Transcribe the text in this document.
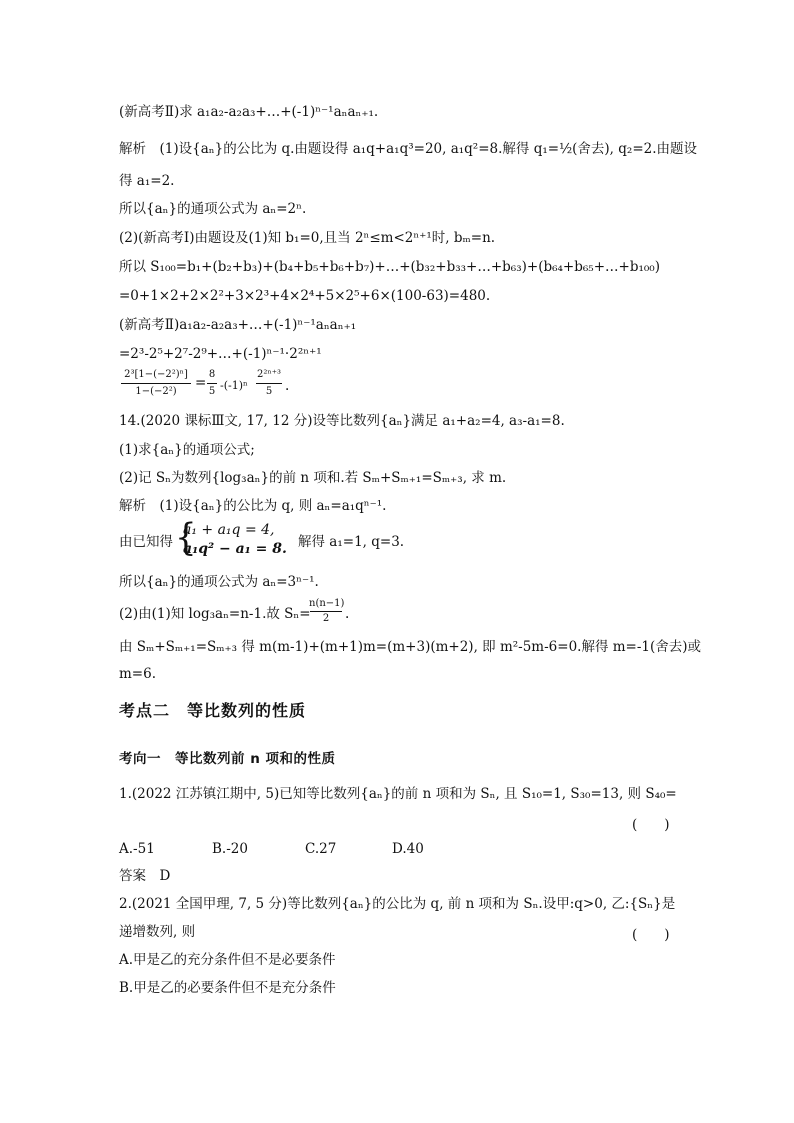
(新高考Ⅱ)求 a₁a₂-a₂a₃+…+(-1)ⁿ⁻¹aₙaₙ₊₁.
解析　(1)设{aₙ}的公比为 q.由题设得 a₁q+a₁q³=20, a₁q²=8.解得 q₁=½(舍去), q₂=2.由题设
得 a₁=2.
所以{aₙ}的通项公式为 aₙ=2ⁿ.
(2)(新高考Ⅰ)由题设及(1)知 b₁=0,且当 2ⁿ≤m<2ⁿ⁺¹时, bₘ=n.
所以 S₁₀₀=b₁+(b₂+b₃)+(b₄+b₅+b₆+b₇)+…+(b₃₂+b₃₃+…+b₆₃)+(b₆₄+b₆₅+…+b₁₀₀)
=0+1×2+2×2²+3×2³+4×2⁴+5×2⁵+6×(100-63)=480.
(新高考Ⅱ)a₁a₂-a₂a₃+…+(-1)ⁿ⁻¹aₙaₙ₊₁
=2³-2⁵+2⁷-2⁹+…+(-1)ⁿ⁻¹·2²ⁿ⁺¹
2³[1−(−2²)ⁿ]
1−(−2²)
=
8
5 -(-1)ⁿ
2²ⁿ⁺³
5 .
14.(2020 课标Ⅲ文, 17, 12 分)设等比数列{aₙ}满足 a₁+a₂=4, a₃-a₁=8.
(1)求{aₙ}的通项公式;
(2)记 Sₙ为数列{log₃aₙ}的前 n 项和.若 Sₘ+Sₘ₊₁=Sₘ₊₃, 求 m.
解析　(1)设{aₙ}的公比为 q, 则 aₙ=a₁qⁿ⁻¹.
由已知得 {
a₁ + a₁q = 4,
a₁q² − a₁ = 8. 解得 a₁=1, q=3.
所以{aₙ}的通项公式为 aₙ=3ⁿ⁻¹.
(2)由(1)知 log₃aₙ=n-1.故 Sₙ=
n(n−1)
2	.
由 Sₘ+Sₘ₊₁=Sₘ₊₃ 得 m(m-1)+(m+1)m=(m+3)(m+2), 即 m²-5m-6=0.解得 m=-1(舍去)或
m=6.
考点二　等比数列的性质
考向一　等比数列前 n 项和的性质
1.(2022 江苏镇江期中, 5)已知等比数列{aₙ}的前 n 项和为 Sₙ, 且 S₁₀=1, S₃₀=13, 则 S₄₀=
(　　)
A.-51	B.-20	C.27	D.40
答案　D
2.(2021 全国甲理, 7, 5 分)等比数列{aₙ}的公比为 q, 前 n 项和为 Sₙ.设甲:q>0, 乙:{Sₙ}是
递增数列, 则	(　　)
A.甲是乙的充分条件但不是必要条件
B.甲是乙的必要条件但不是充分条件
